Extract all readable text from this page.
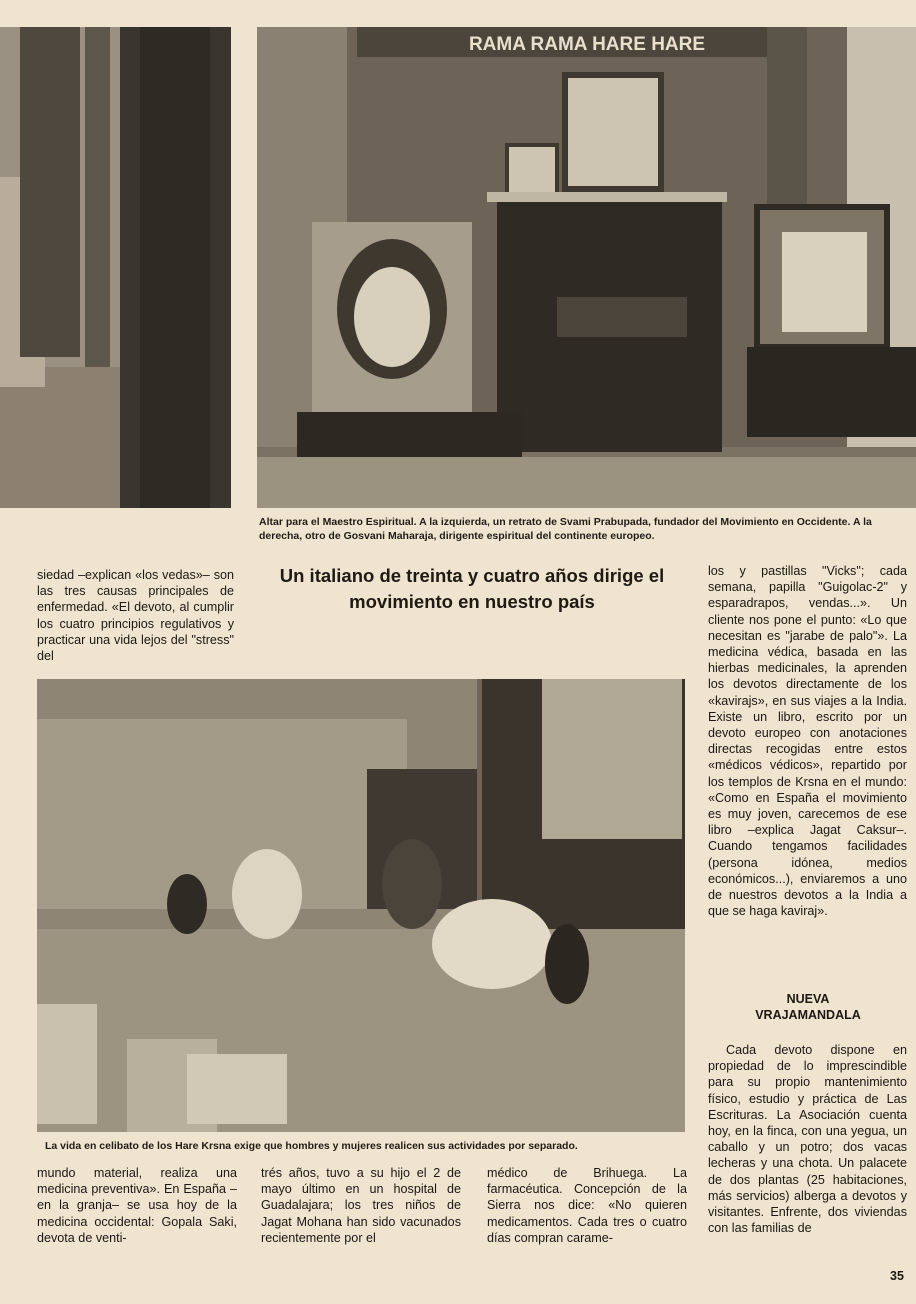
RAMA RAMA HARE HARE
Altar para el Maestro Espiritual. A la izquierda, un retrato de Svami Prabupada, fundador del Movimiento en Occidente. A la derecha, otro de Gosvani Maharaja, dirigente espiritual del continente europeo.

siedad –explican «los vedas»– son las tres causas principales de enfermedad. «El devoto, al cumplir los cuatro principios regulativos y practicar una vida lejos del "stress" del

Un italiano de treinta y cuatro años dirige el movimiento en nuestro país

los y pastillas "Vicks"; cada semana, papilla "Guigolac-2" y esparadrapos, vendas...». Un cliente nos pone el punto: «Lo que necesitan es "jarabe de palo"». La medicina védica, basada en las hierbas medicinales, la aprenden los devotos directamente de los «kavirajs», en sus viajes a la India. Existe un libro, escrito por un devoto europeo con anotaciones directas recogidas entre estos «médicos védicos», repartido por los templos de Krsna en el mundo: «Como en España el movimiento es muy joven, carecemos de ese libro –explica Jagat Caksur–. Cuando tengamos facilidades (persona idónea, medios económicos...), enviaremos a uno de nuestros devotos a la India a que se haga kaviraj».

NUEVA VRAJAMANDALA

Cada devoto dispone en propiedad de lo imprescindible para su propio mantenimiento físico, estudio y práctica de Las Escrituras. La Asociación cuenta hoy, en la finca, con una yegua, un caballo y un potro; dos vacas lecheras y una chota. Un palacete de dos plantas (25 habitaciones, más servicios) alberga a devotos y visitantes. Enfrente, dos viviendas con las familias de

La vida en celibato de los Hare Krsna exige que hombres y mujeres realicen sus actividades por separado.

mundo material, realiza una medicina preventiva». En España –en la granja– se usa hoy de la medicina occidental: Gopala Saki, devota de venti-

trés años, tuvo a su hijo el 2 de mayo último en un hospital de Guadalajara; los tres niños de Jagat Mohana han sido vacunados recientemente por el

médico de Brihuega. La farmacéutica. Concepción de la Sierra nos dice: «No quieren medicamentos. Cada tres o cuatro días compran carame-

35
